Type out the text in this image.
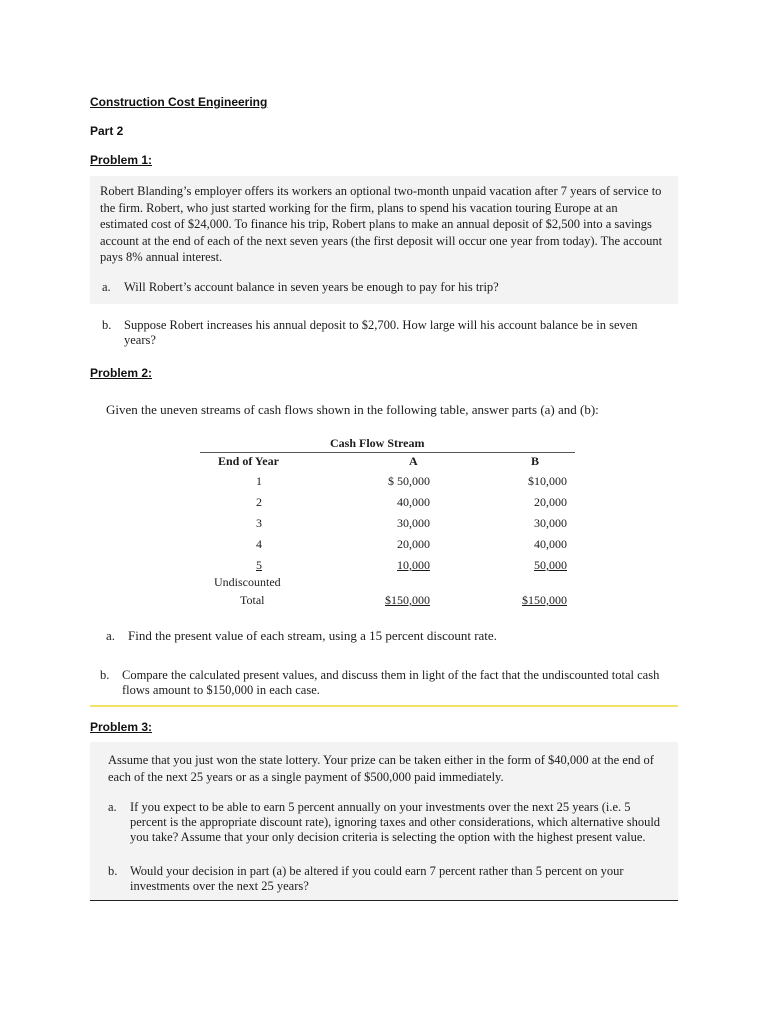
Construction Cost Engineering
Part 2
Problem 1:
Robert Blanding’s employer offers its workers an optional two-month unpaid vacation after 7 years of service to the firm. Robert, who just started working for the firm, plans to spend his vacation touring Europe at an estimated cost of $24,000. To finance his trip, Robert plans to make an annual deposit of $2,500 into a savings account at the end of each of the next seven years (the first deposit will occur one year from today). The account pays 8% annual interest.
a. Will Robert’s account balance in seven years be enough to pay for his trip?
b. Suppose Robert increases his annual deposit to $2,700. How large will his account balance be in seven years?
Problem 2:
Given the uneven streams of cash flows shown in the following table, answer parts (a) and (b):
Cash Flow Stream
End of Year	A	B
1	$ 50,000	$10,000
2	40,000	20,000
3	30,000	30,000
4	20,000	40,000
5	10,000	50,000
Undiscounted
Total	$150,000	$150,000
a. Find the present value of each stream, using a 15 percent discount rate.
b. Compare the calculated present values, and discuss them in light of the fact that the undiscounted total cash flows amount to $150,000 in each case.
Problem 3:
Assume that you just won the state lottery. Your prize can be taken either in the form of $40,000 at the end of each of the next 25 years or as a single payment of $500,000 paid immediately.
a. If you expect to be able to earn 5 percent annually on your investments over the next 25 years (i.e. 5 percent is the appropriate discount rate), ignoring taxes and other considerations, which alternative should you take? Assume that your only decision criteria is selecting the option with the highest present value.
b. Would your decision in part (a) be altered if you could earn 7 percent rather than 5 percent on your investments over the next 25 years?
